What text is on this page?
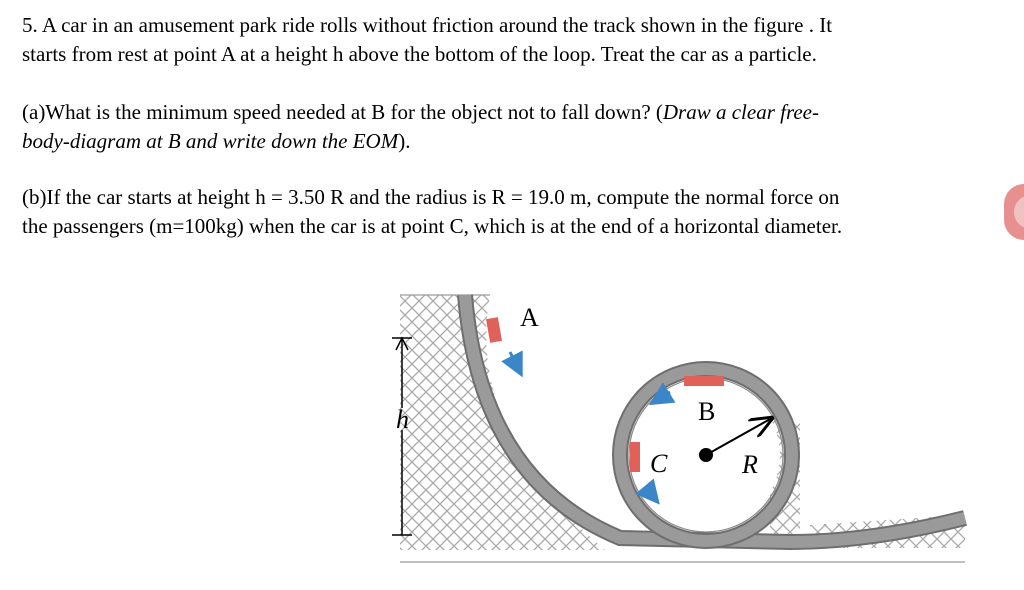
5. A car in an amusement park ride rolls without friction around the track shown in the figure . It
starts from rest at point A at a height h above the bottom of the loop. Treat the car as a particle.

(a)What is the minimum speed needed at B for the object not to fall down? (Draw a clear free-
body-diagram at B and write down the EOM).

(b)If the car starts at height h = 3.50 R and the radius is R = 19.0 m, compute the normal force on
the passengers (m=100kg) when the car is at point C, which is at the end of a horizontal diameter.

A
B
C	R
h
